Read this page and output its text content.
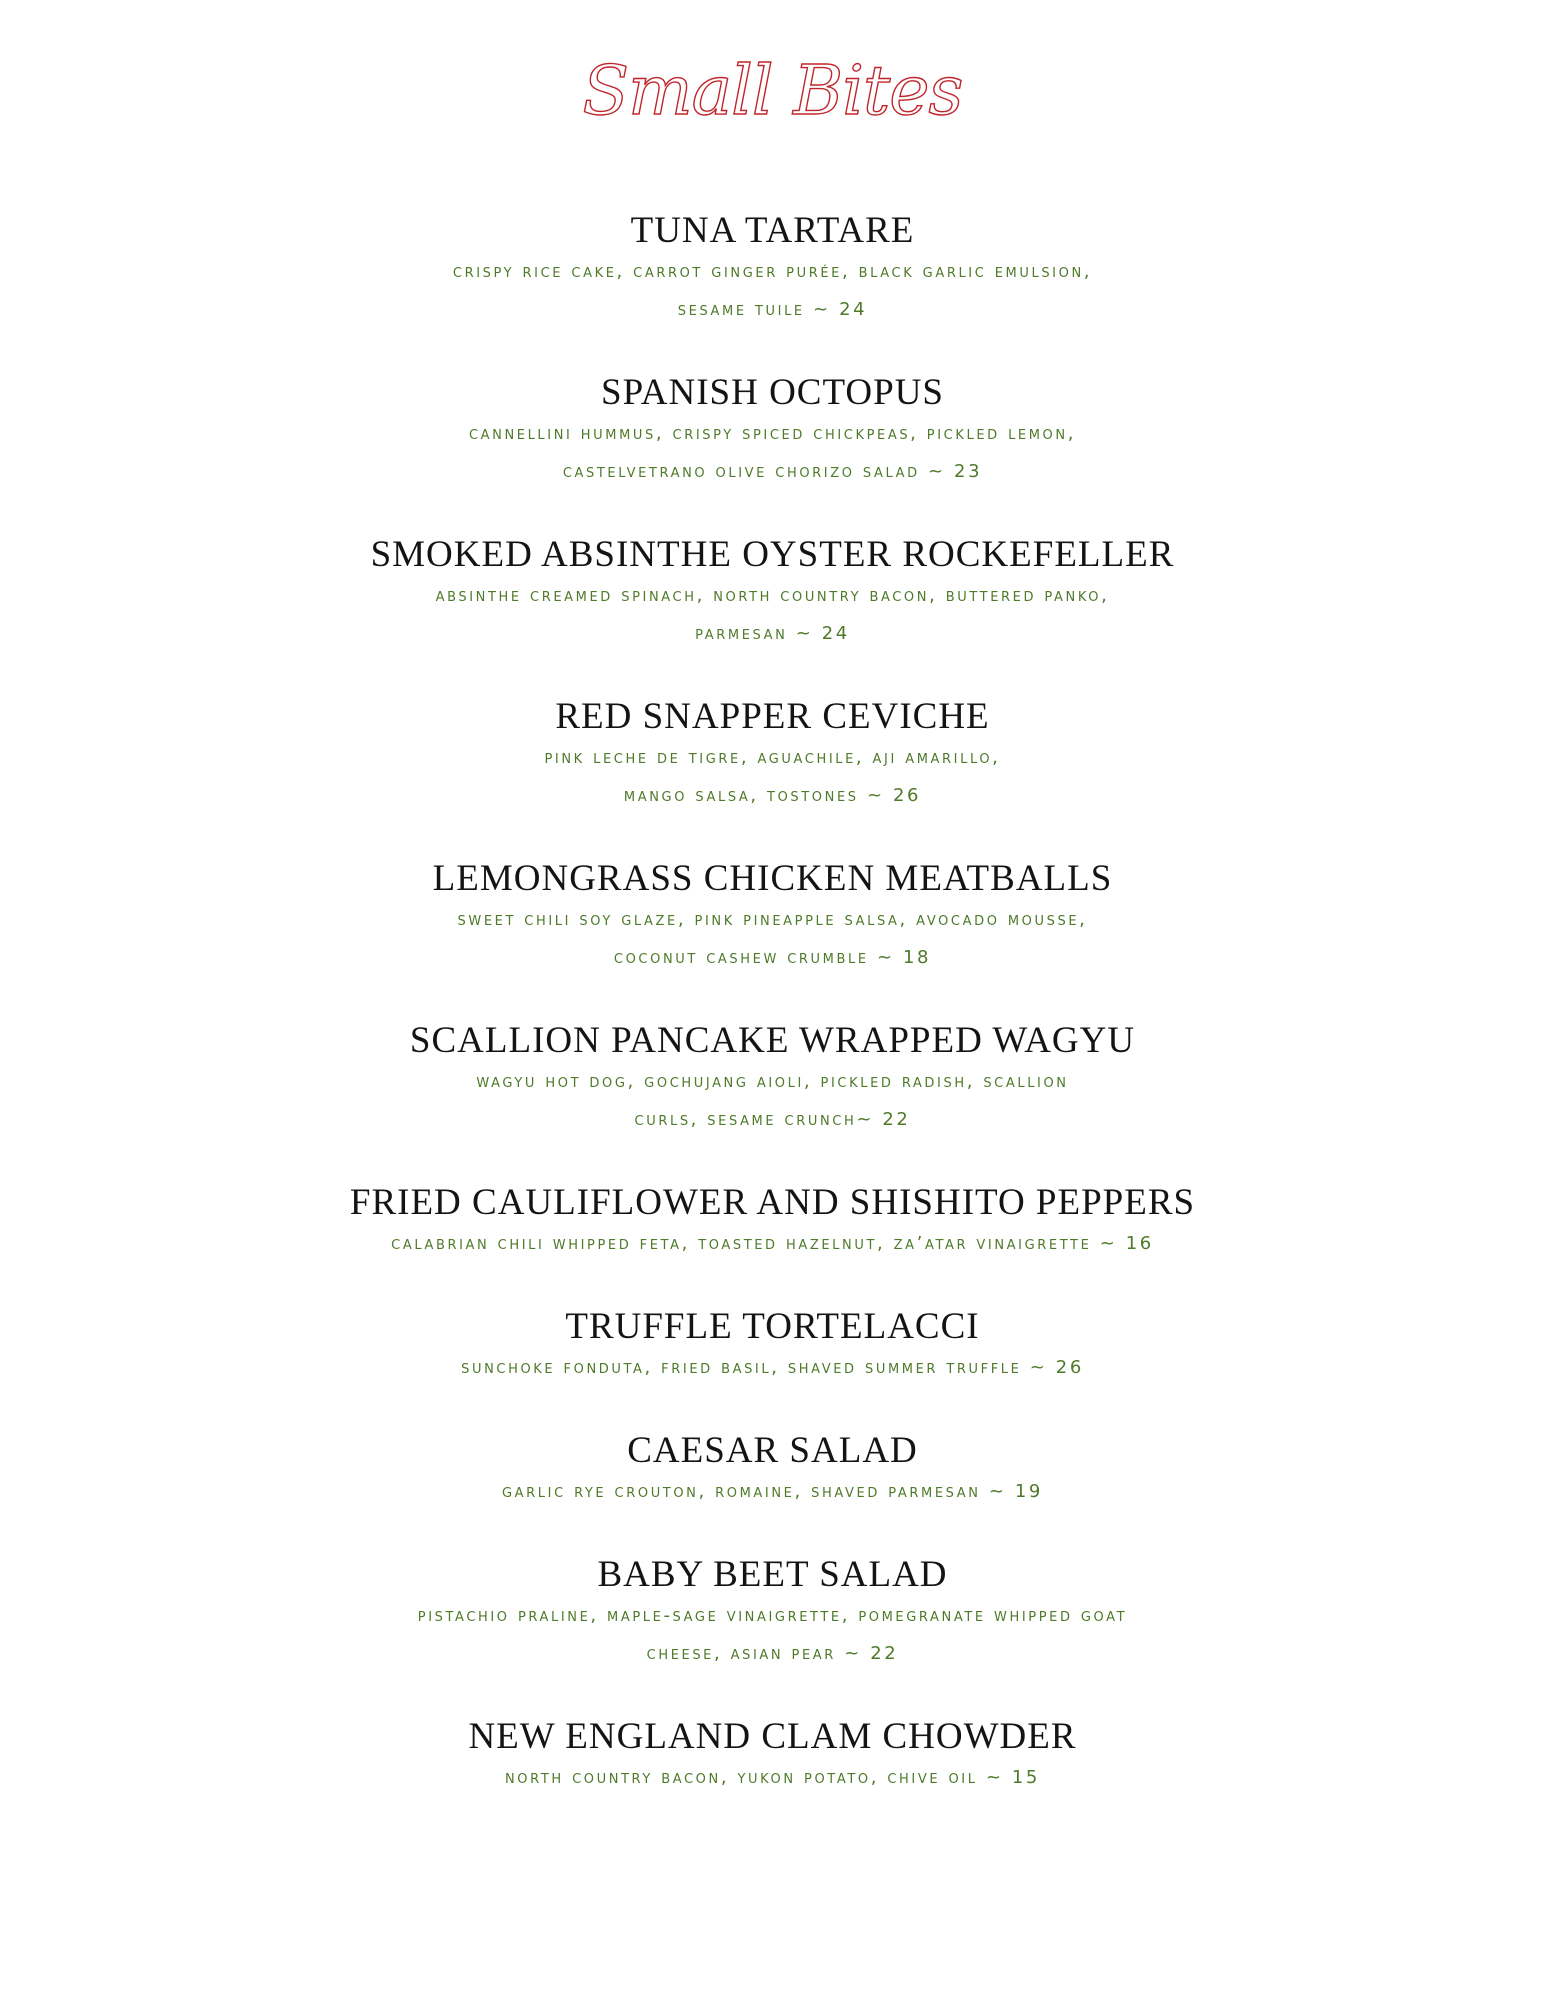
Small Bites
TUNA TARTARE
crispy rice cake, carrot ginger purée, black garlic emulsion,
sesame tuile ~ 24
SPANISH OCTOPUS
cannellini hummus, crispy spiced chickpeas, pickled lemon,
castelvetrano olive chorizo salad ~ 23
SMOKED ABSINTHE OYSTER ROCKEFELLER
absinthe creamed spinach, north country bacon, buttered panko,
parmesan ~ 24
RED SNAPPER CEVICHE
pink leche de tigre, aguachile, aji amarillo,
mango salsa, tostones ~ 26
LEMONGRASS CHICKEN MEATBALLS
sweet chili soy glaze, pink pineapple salsa, avocado mousse,
coconut cashew crumble ~ 18
SCALLION PANCAKE WRAPPED WAGYU
wagyu hot dog, gochujang aioli, pickled radish, scallion
curls, sesame crunch~ 22
FRIED CAULIFLOWER AND SHISHITO PEPPERS
calabrian chili whipped feta, toasted hazelnut, za’atar vinaigrette ~ 16
TRUFFLE TORTELACCI
sunchoke fonduta, fried basil, shaved summer truffle ~ 26
CAESAR SALAD
garlic rye crouton, romaine, shaved parmesan ~ 19
BABY BEET SALAD
pistachio praline, maple-sage vinaigrette, pomegranate whipped goat
cheese, asian pear ~ 22
NEW ENGLAND CLAM CHOWDER
north country bacon, yukon potato, chive oil ~ 15
